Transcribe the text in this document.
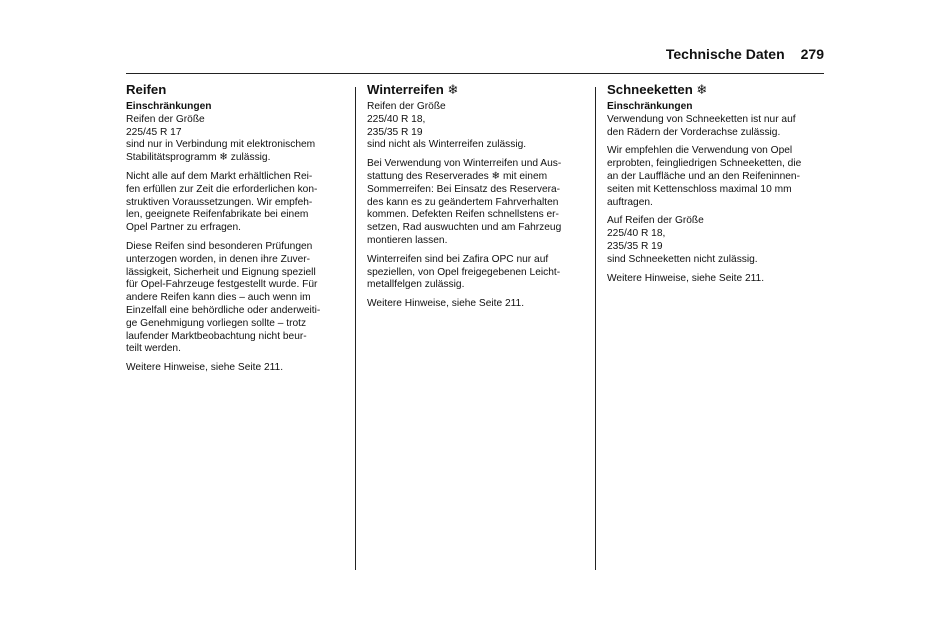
Technische Daten 279
Reifen
Einschränkungen

Reifen der Größe
225/45 R 17
sind nur in Verbindung mit elektronischem
Stabilitätsprogramm ❄ zulässig.

Nicht alle auf dem Markt erhältlichen Rei-
fen erfüllen zur Zeit die erforderlichen kon-
struktiven Voraussetzungen. Wir empfeh-
len, geeignete Reifenfabrikate bei einem
Opel Partner zu erfragen.

Diese Reifen sind besonderen Prüfungen
unterzogen worden, in denen ihre Zuver-
lässigkeit, Sicherheit und Eignung speziell
für Opel-Fahrzeuge festgestellt wurde. Für
andere Reifen kann dies – auch wenn im
Einzelfall eine behördliche oder anderweiti-
ge Genehmigung vorliegen sollte – trotz
laufender Marktbeobachtung nicht beur-
teilt werden.

Weitere Hinweise, siehe Seite 211.

Winterreifen ❄

Reifen der Größe
225/40 R 18,
235/35 R 19
sind nicht als Winterreifen zulässig.

Bei Verwendung von Winterreifen und Aus-
stattung des Reserverades ❄ mit einem
Sommerreifen: Bei Einsatz des Reservera-
des kann es zu geändertem Fahrverhalten
kommen. Defekten Reifen schnellstens er-
setzen, Rad auswuchten und am Fahrzeug
montieren lassen.

Winterreifen sind bei Zafira OPC nur auf
speziellen, von Opel freigegebenen Leicht-
metallfelgen zulässig.

Weitere Hinweise, siehe Seite 211.

Schneeketten ❄
Einschränkungen

Verwendung von Schneeketten ist nur auf
den Rädern der Vorderachse zulässig.

Wir empfehlen die Verwendung von Opel
erprobten, feingliedrigen Schneeketten, die
an der Lauffläche und an den Reifeninnen-
seiten mit Kettenschloss maximal 10 mm
auftragen.

Auf Reifen der Größe
225/40 R 18,
235/35 R 19
sind Schneeketten nicht zulässig.

Weitere Hinweise, siehe Seite 211.
